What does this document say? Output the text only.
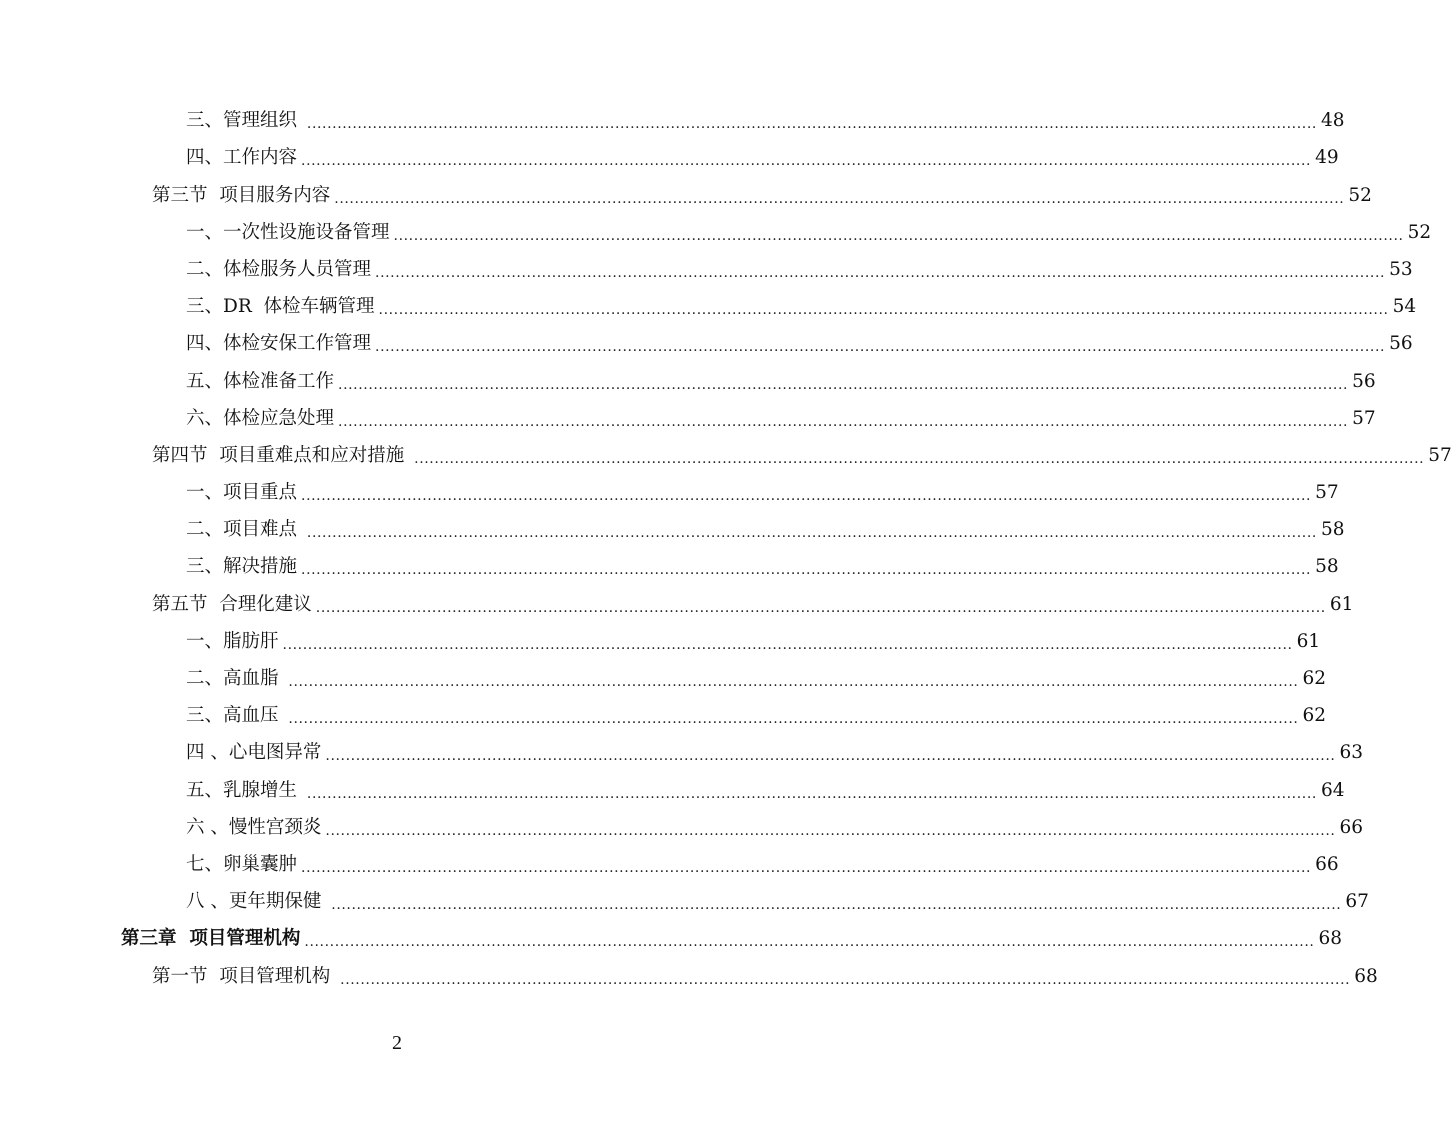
三、管理组织 ........................................................................................................................................................................................................ 48
四、工作内容 ........................................................................................................................................................................................................ 49
第三节  项目服务内容 ........................................................................................................................................................................................................ 52
一、一次性设施设备管理 ........................................................................................................................................................................................................ 52
二、体检服务人员管理 ........................................................................................................................................................................................................ 53
三、DR  体检车辆管理 ........................................................................................................................................................................................................ 54
四、体检安保工作管理 ........................................................................................................................................................................................................ 56
五、体检准备工作 ........................................................................................................................................................................................................ 56
六、体检应急处理 ........................................................................................................................................................................................................ 57
第四节  项目重难点和应对措施 ........................................................................................................................................................................................................ 57
一、项目重点 ........................................................................................................................................................................................................ 57
二、项目难点 ........................................................................................................................................................................................................ 58
三、解决措施 ........................................................................................................................................................................................................ 58
第五节  合理化建议 ........................................................................................................................................................................................................ 61
一、脂肪肝 ........................................................................................................................................................................................................ 61
二、高血脂 ........................................................................................................................................................................................................ 62
三、高血压 ........................................................................................................................................................................................................ 62
四 、心电图异常 ........................................................................................................................................................................................................ 63
五、乳腺增生 ........................................................................................................................................................................................................ 64
六 、慢性宫颈炎 ........................................................................................................................................................................................................ 66
七、卵巢囊肿 ........................................................................................................................................................................................................ 66
八 、更年期保健 ........................................................................................................................................................................................................ 67
第三章  项目管理机构 ........................................................................................................................................................................................................ 68
第一节  项目管理机构 ........................................................................................................................................................................................................ 68
2
